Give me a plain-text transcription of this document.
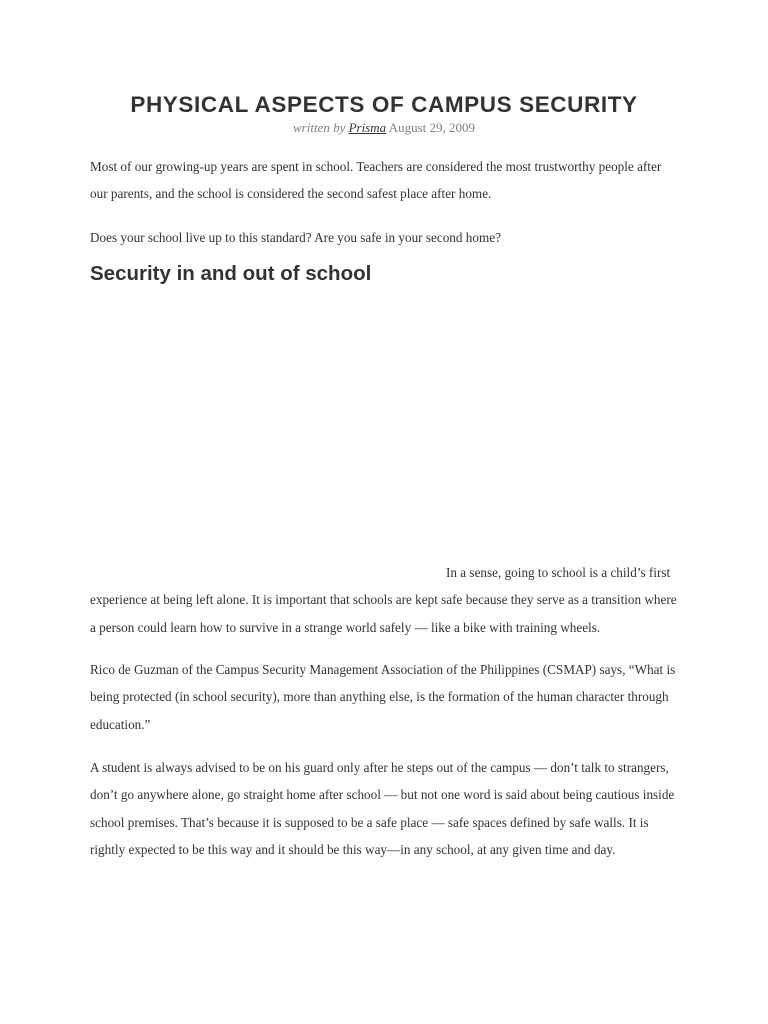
PHYSICAL ASPECTS OF CAMPUS SECURITY
written by Prisma August 29, 2009

Most of our growing-up years are spent in school. Teachers are considered the most trustworthy people after our parents, and the school is considered the second safest place after home.

Does your school live up to this standard? Are you safe in your second home?

Security in and out of school

In a sense, going to school is a child’s first experience at being left alone. It is important that schools are kept safe because they serve as a transition where a person could learn how to survive in a strange world safely — like a bike with training wheels.

Rico de Guzman of the Campus Security Management Association of the Philippines (CSMAP) says, “What is being protected (in school security), more than anything else, is the formation of the human character through education.”

A student is always advised to be on his guard only after he steps out of the campus — don’t talk to strangers, don’t go anywhere alone, go straight home after school — but not one word is said about being cautious inside school premises. That’s because it is supposed to be a safe place — safe spaces defined by safe walls. It is rightly expected to be this way and it should be this way—in any school, at any given time and day.
